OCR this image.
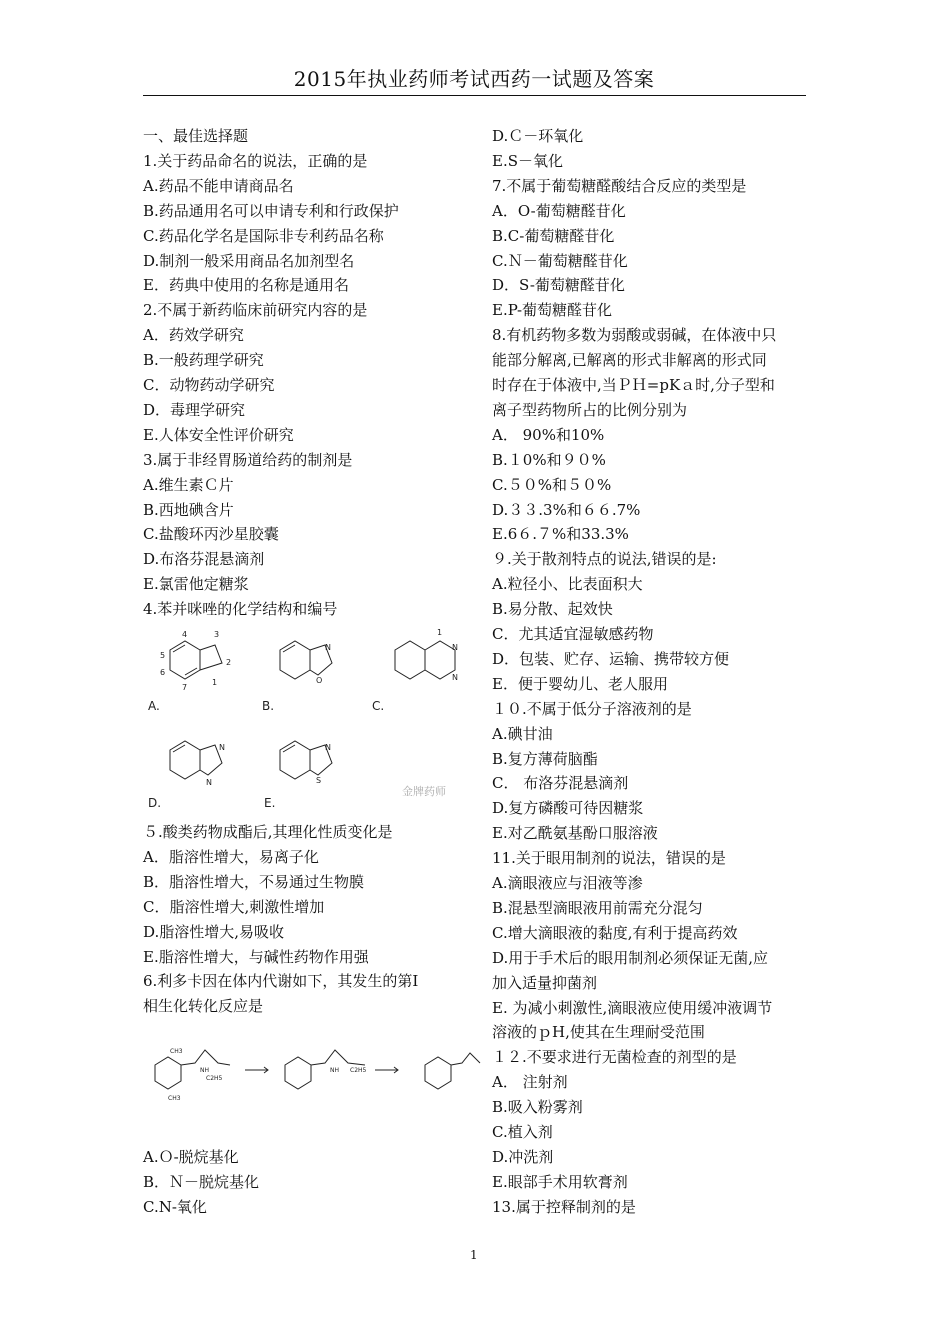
2015年执业药师考试西药一试题及答案
一、最佳选择题
1.关于药品命名的说法，正确的是
A.药品不能申请商品名
B.药品通用名可以申请专利和行政保护
C.药品化学名是国际非专利药品名称
D.制剂一般采用商品名加剂型名
E．药典中使用的名称是通用名
2.不属于新药临床前研究内容的是
A．药效学研究
B.一般药理学研究
C．动物药动学研究
D．毒理学研究
E.人体安全性评价研究
3.属于非经胃肠道给药的制剂是
A.维生素Ｃ片
B.西地碘含片
C.盐酸环丙沙星胶囊
D.布洛芬混悬滴剂
E.氯雷他定糖浆
4.苯并咪唑的化学结构和编号
５.酸类药物成酯后,其理化性质变化是
A．脂溶性增大，易离子化
B．脂溶性增大，不易通过生物膜
C．脂溶性增大,刺激性增加
D.脂溶性增大,易吸收
E.脂溶性增大，与碱性药物作用强
6.利多卡因在体内代谢如下，其发生的第Ⅰ
相生化转化反应是
A.Ｏ-脱烷基化
B．Ｎ－脱烷基化
C.N-氧化
D.Ｃ－环氧化
E.S－氧化
7.不属于葡萄糖醛酸结合反应的类型是
A．O-葡萄糖醛苷化
B.C-葡萄糖醛苷化
C.Ｎ－葡萄糖醛苷化
D．S-葡萄糖醛苷化
E.P-葡萄糖醛苷化
8.有机药物多数为弱酸或弱碱，在体液中只
能部分解离,已解离的形式非解离的形式同
时存在于体液中,当ＰＨ=pKａ时,分子型和
离子型药物所占的比例分别为
A． 90%和10%
B.１0%和９０%
C.５０%和５０%
D.３３.3%和６６.7%
E.6６.７%和33.3%
９.关于散剂特点的说法,错误的是:
A.粒径小、比表面积大
B.易分散、起效快
C．尤其适宜湿敏感药物
D．包装、贮存、运输、携带较方便
E．便于婴幼儿、老人服用
１０.不属于低分子溶液剂的是
A.碘甘油
B.复方薄荷脑酯
C． 布洛芬混悬滴剂
D.复方磷酸可待因糖浆
E.对乙酰氨基酚口服溶液
11.关于眼用制剂的说法，错误的是
A.滴眼液应与泪液等渗
B.混悬型滴眼液用前需充分混匀
C.增大滴眼液的黏度,有利于提高药效
D.用于手术后的眼用制剂必须保证无菌,应
加入适量抑菌剂
E. 为减小刺激性,滴眼液应使用缓冲液调节
溶液的ｐH,使其在生理耐受范围
１２.不要求进行无菌检查的剂型的是
A． 注射剂
B.吸入粉雾剂
C.植入剂
D.冲洗剂
E.眼部手术用软膏剂
13.属于控释制剂的是
4
5
6
7
1
2
3
N
O
1
N
N
N
N
N
S
A.	B.	C.
D.	E.
金牌药师
NH	NH
CH3
CH3
C2H5
C2H5
1
